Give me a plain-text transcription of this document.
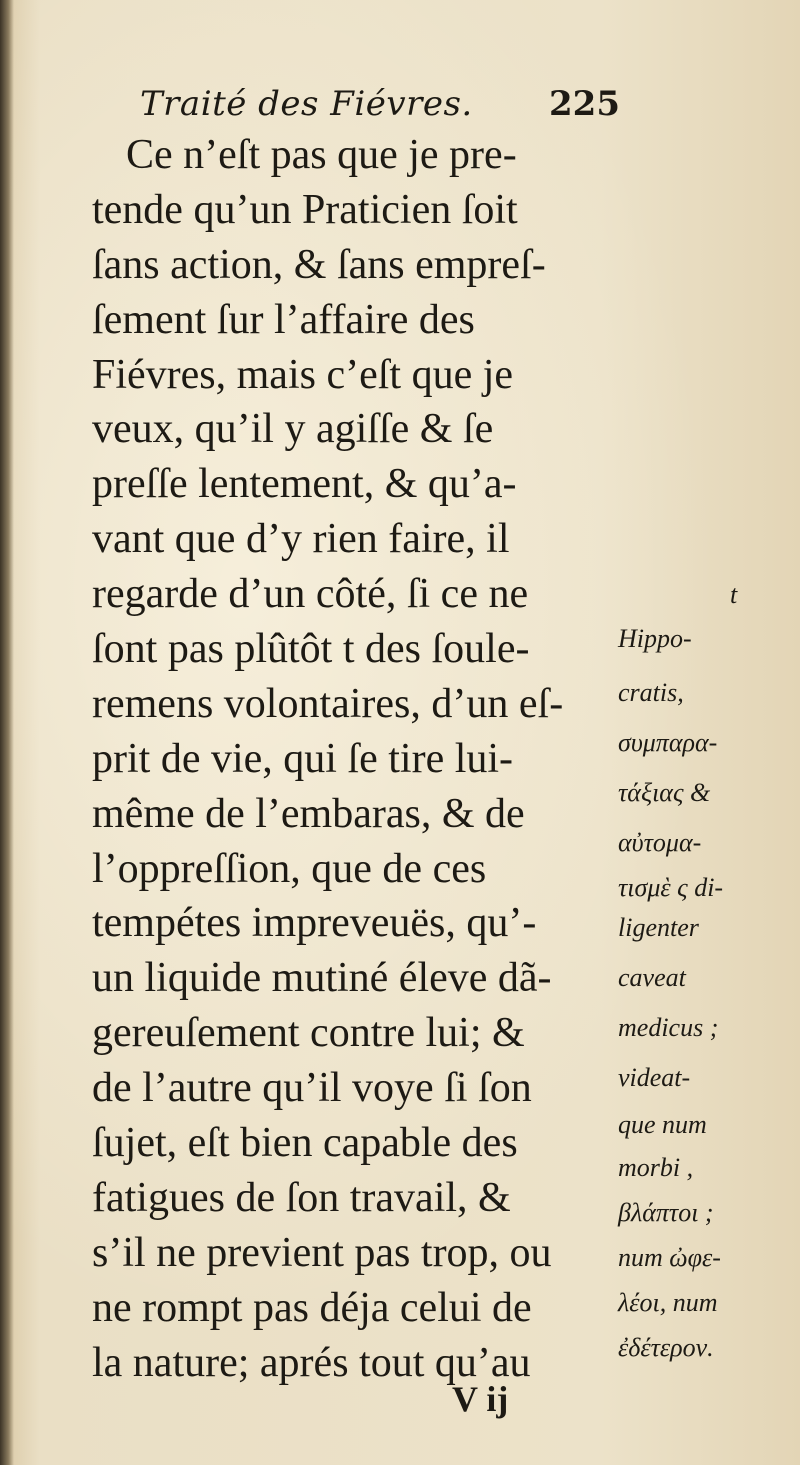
Traité des Fiévres. 225
Ce n’eſt pas que je pre-
tende qu’un Praticien ſoit
ſans action, & ſans empreſ-
ſement ſur l’affaire des
Fiévres, mais c’eſt que je
veux, qu’il y agiſſe & ſe
preſſe lentement, & qu’a-
vant que d’y rien faire, il
regarde d’un côté, ſi ce ne
ſont pas plûtôt t des ſoule-
remens volontaires, d’un eſ-
prit de vie, qui ſe tire lui-
même de l’embaras, & de
l’oppreſſion, que de ces
tempétes impreveuës, qu’-
un liquide mutiné éleve dã-
gereuſement contre lui; &
de l’autre qu’il voye ſi ſon
ſujet, eſt bien capable des
fatigues de ſon travail, &
s’il ne previent pas trop, ou
ne rompt pas déja celui de
la nature; aprés tout qu’au
t
Hippo-
cratis,
συμπαρα-
τάξιας &
αὐτομα-
τισμὲ ς di-
ligenter
caveat
medicus ;
videat-
que num
morbi ,
βλάπτοι ;
num ὠφε-
λέοι, num
ἐδέτερον.
V ij
